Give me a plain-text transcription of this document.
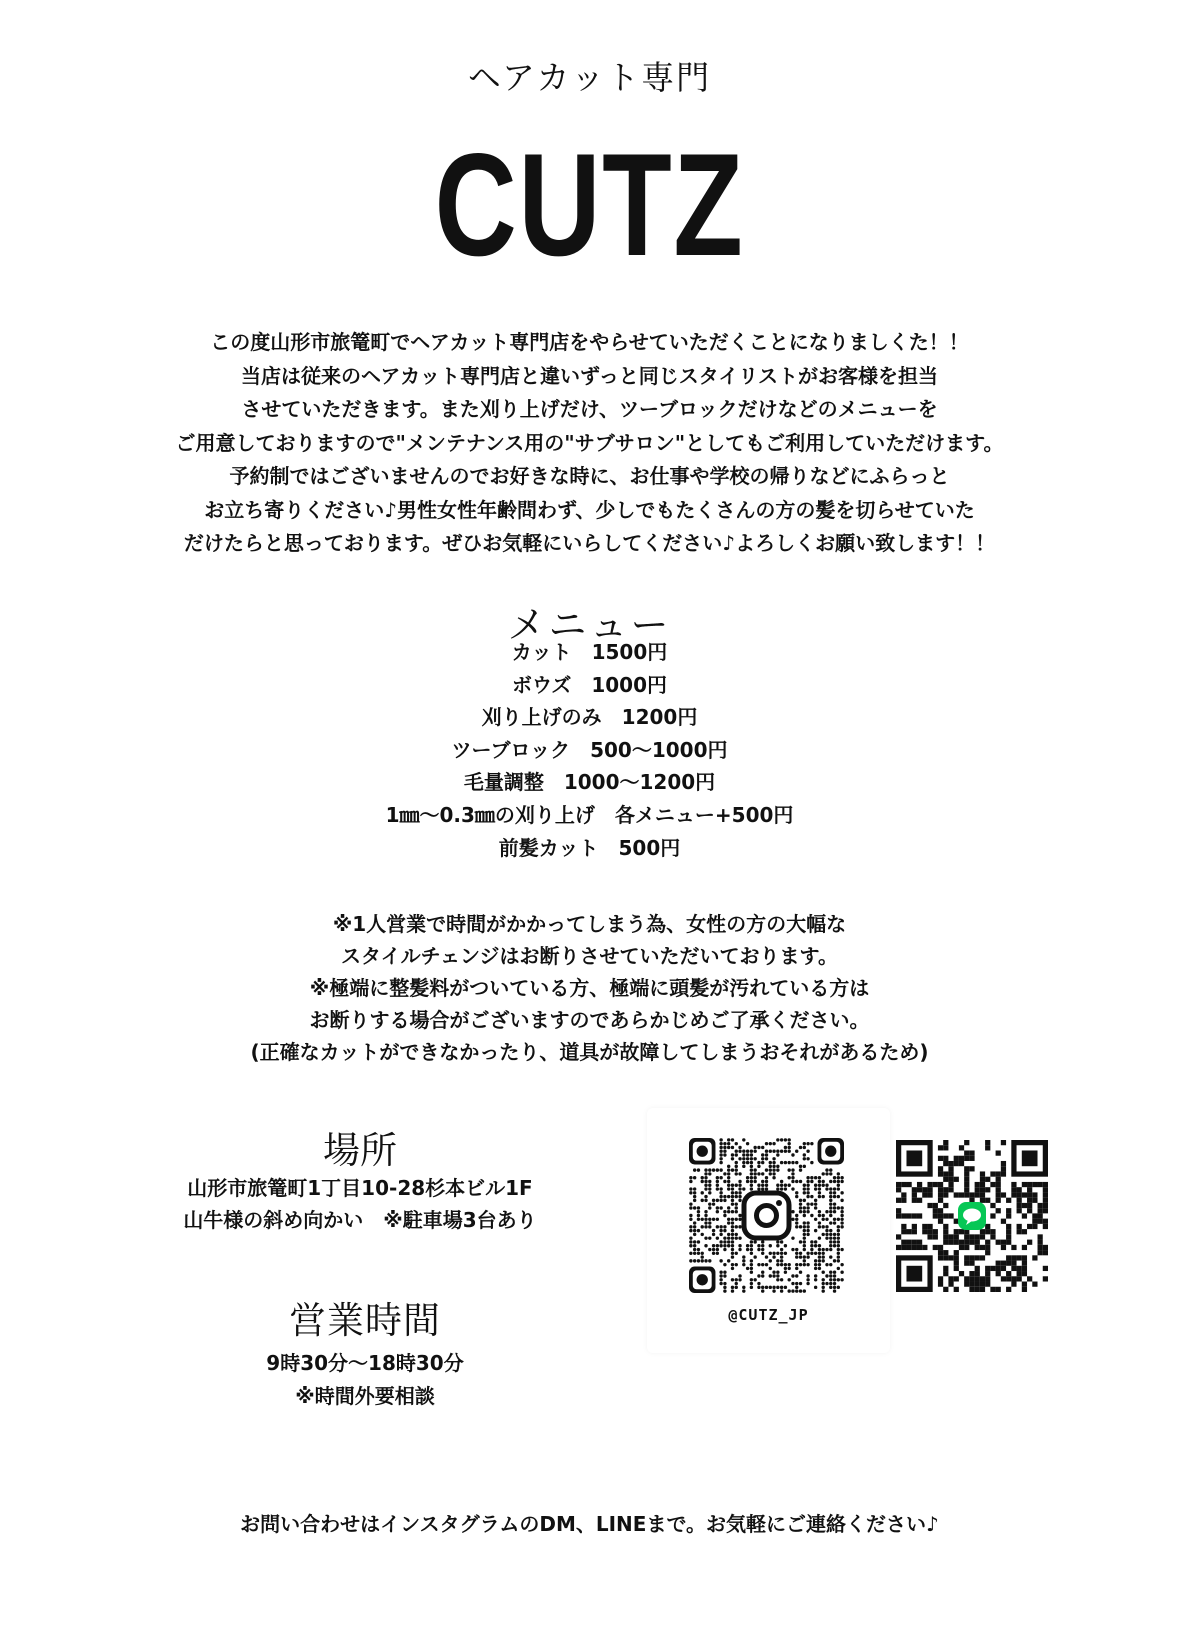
ヘアカット専門
CUTZ
この度山形市旅篭町でヘアカット専門店をやらせていただくことになりましくた！！
当店は従来のヘアカット専門店と違いずっと同じスタイリストがお客様を担当
させていただきます。また刈り上げだけ、ツーブロックだけなどのメニューを
ご用意しておりますので"メンテナンス用の"サブサロン"としてもご利用していただけます。
予約制ではございませんのでお好きな時に、お仕事や学校の帰りなどにふらっと
お立ち寄りください♪男性女性年齢問わず、少しでもたくさんの方の髪を切らせていた
だけたらと思っております。ぜひお気軽にいらしてください♪よろしくお願い致します！！
メニュー
カット　1500円
ボウズ　1000円
刈り上げのみ　1200円
ツーブロック　500〜1000円
毛量調整　1000〜1200円
1㎜〜0.3㎜の刈り上げ　各メニュー+500円
前髪カット　500円
※1人営業で時間がかかってしまう為、女性の方の大幅な
スタイルチェンジはお断りさせていただいております。
※極端に整髪料がついている方、極端に頭髪が汚れている方は
お断りする場合がございますのであらかじめご了承ください。
(正確なカットができなかったり、道具が故障してしまうおそれがあるため)
場所
山形市旅篭町1丁目10-28杉本ビル1F
山牛様の斜め向かい　※駐車場3台あり
営業時間
9時30分〜18時30分
※時間外要相談
@CUTZ_JP
お問い合わせはインスタグラムのDM、LINEまで。お気軽にご連絡ください♪
